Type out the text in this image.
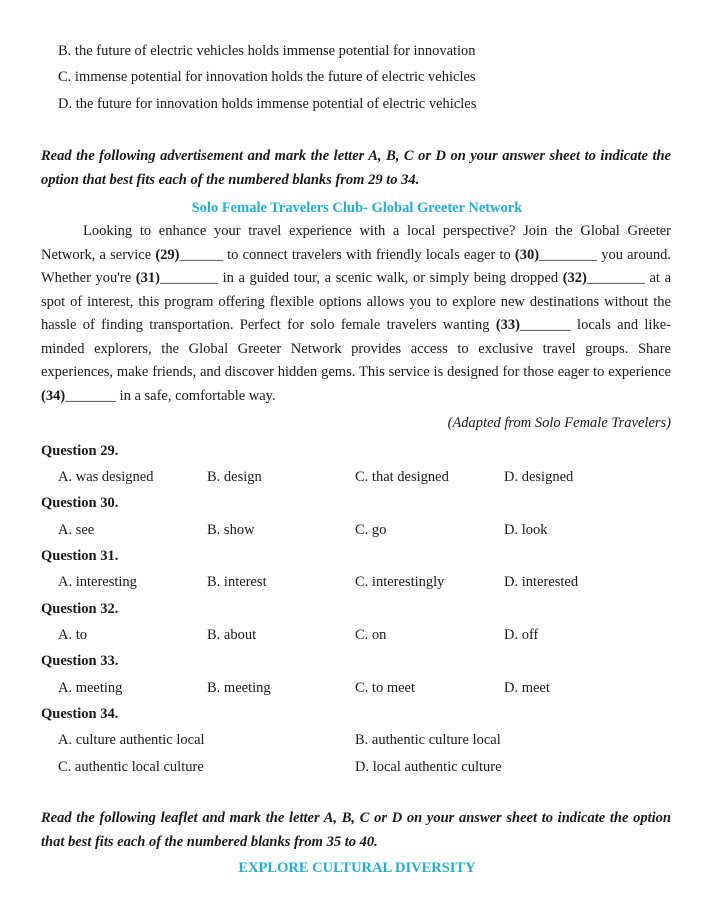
B. the future of electric vehicles holds immense potential for innovation
C. immense potential for innovation holds the future of electric vehicles
D. the future for innovation holds immense potential of electric vehicles
Read the following advertisement and mark the letter A, B, C or D on your answer sheet to indicate the option that best fits each of the numbered blanks from 29 to 34.
Solo Female Travelers Club- Global Greeter Network
Looking to enhance your travel experience with a local perspective? Join the Global Greeter Network, a service (29)______ to connect travelers with friendly locals eager to (30)________ you around. Whether you're (31)________ in a guided tour, a scenic walk, or simply being dropped (32)________ at a spot of interest, this program offering flexible options allows you to explore new destinations without the hassle of finding transportation. Perfect for solo female travelers wanting (33)_______ locals and like-minded explorers, the Global Greeter Network provides access to exclusive travel groups. Share experiences, make friends, and discover hidden gems. This service is designed for those eager to experience (34)_______ in a safe, comfortable way.
(Adapted from Solo Female Travelers)
Question 29.
A. was designed	B. design	C. that designed	D. designed
Question 30.
A. see	B. show	C. go	D. look
Question 31.
A. interesting	B. interest	C. interestingly	D. interested
Question 32.
A. to	B. about	C. on	D. off
Question 33.
A. meeting	B. meeting	C. to meet	D. meet
Question 34.
A. culture authentic local	B. authentic culture local
C. authentic local culture	D. local authentic culture
Read the following leaflet and mark the letter A, B, C or D on your answer sheet to indicate the option that best fits each of the numbered blanks from 35 to 40.
EXPLORE CULTURAL DIVERSITY
